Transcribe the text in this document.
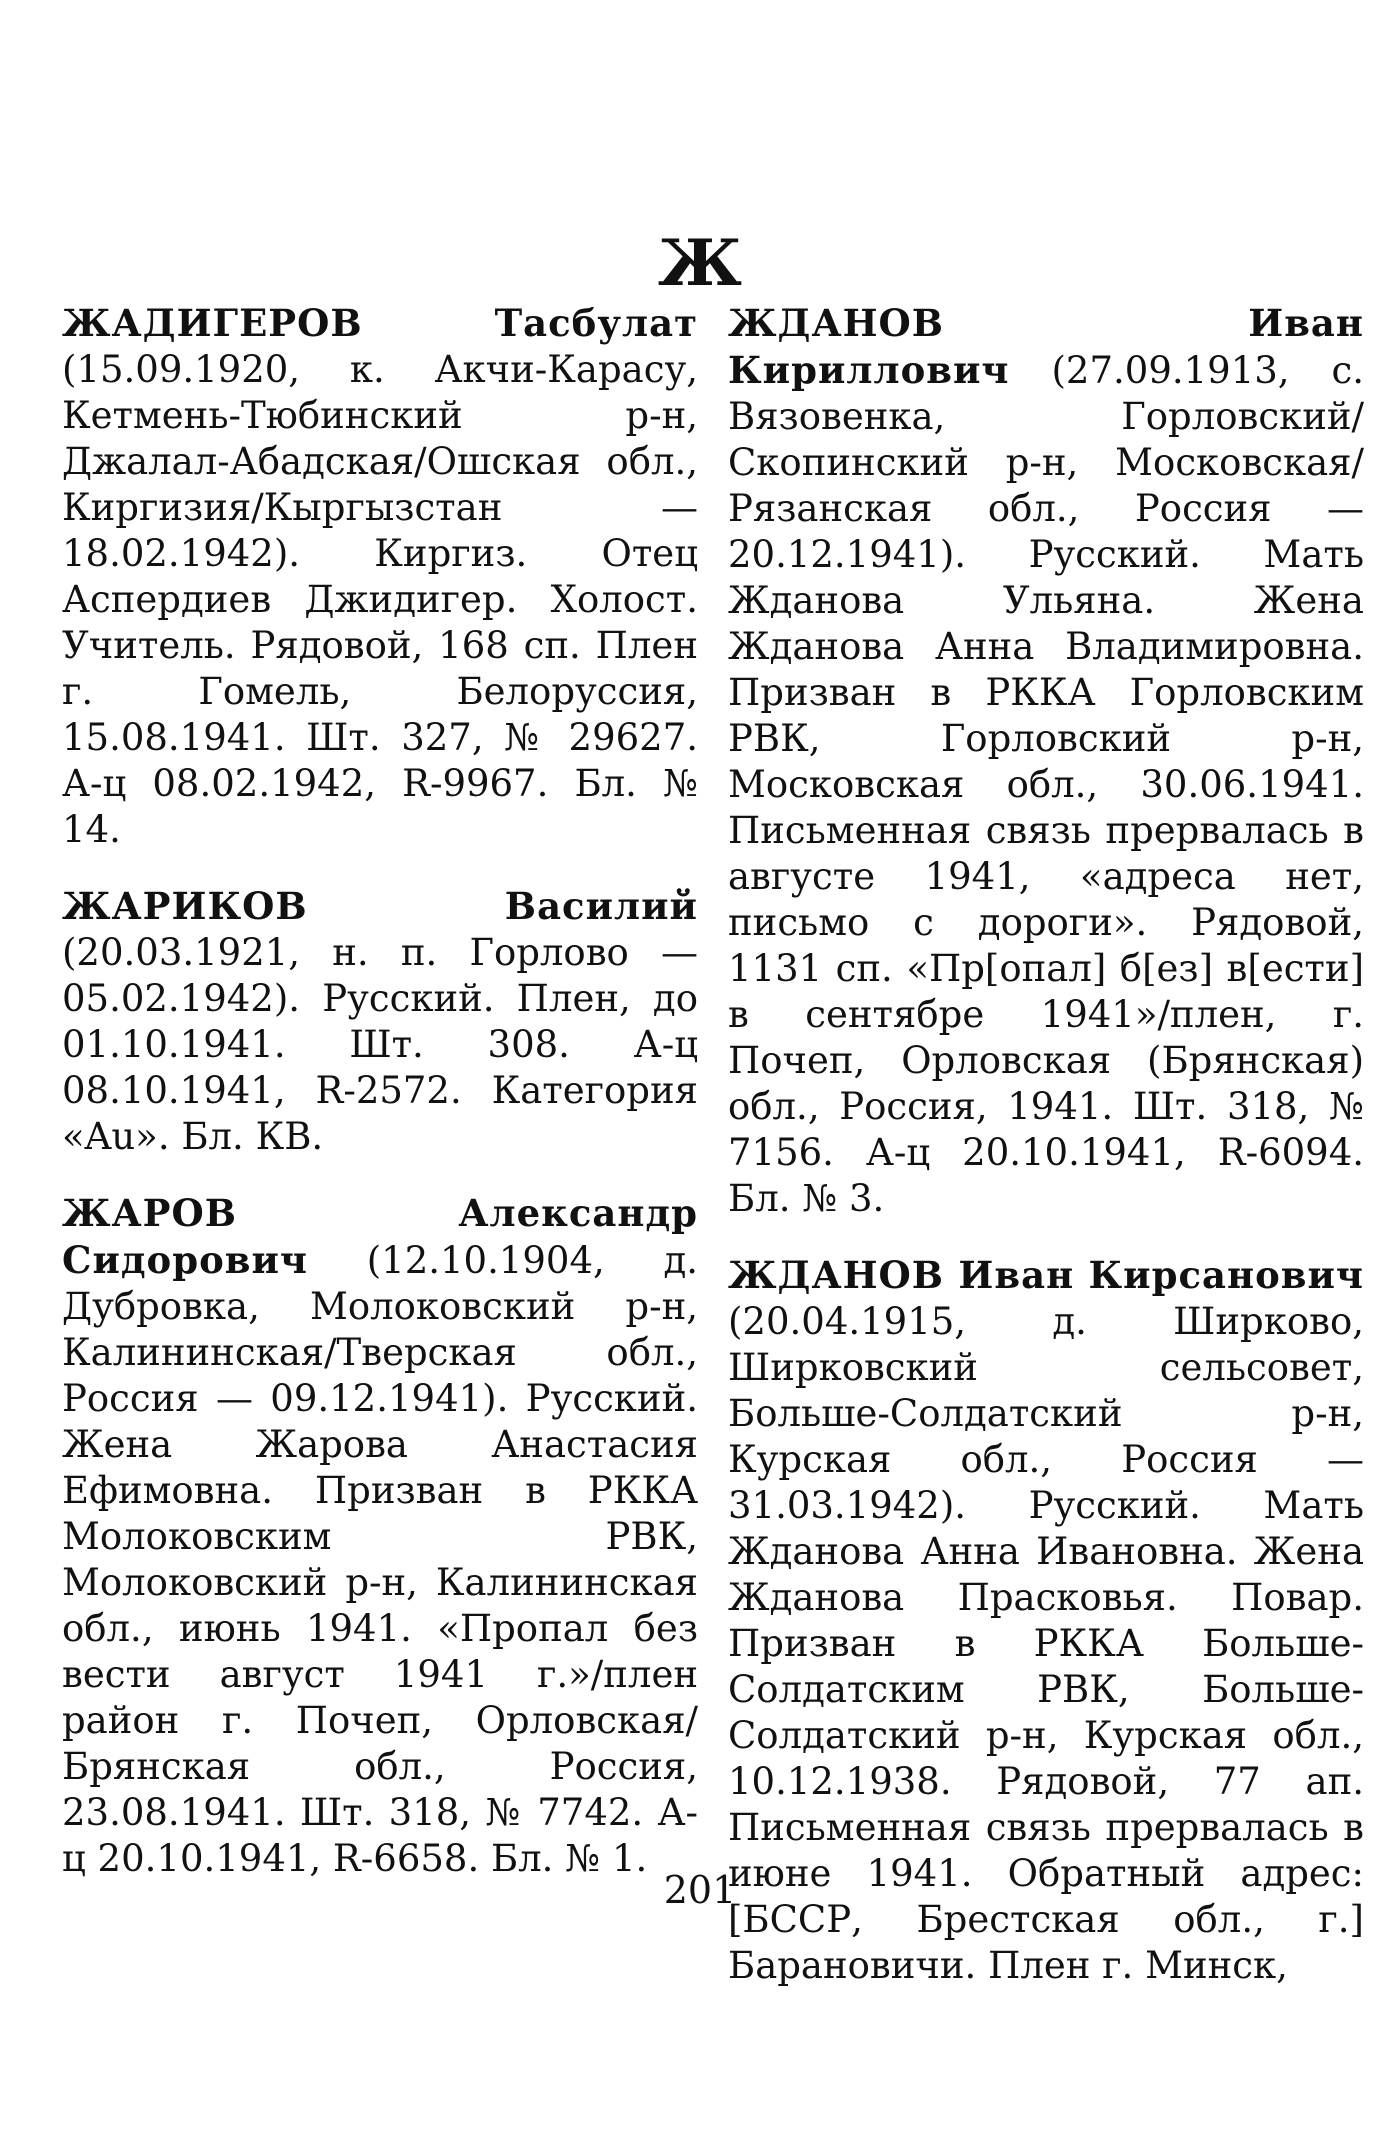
Ж

ЖАДИГЕРОВ Тасбулат (15.09.1920, к. Акчи-Карасу, Кетмень-Тюбинский р-н, Джалал-Абадская/Ошская обл., Киргизия/Кыргызстан — 18.02.1942). Киргиз. Отец Аспердиев Джидигер. Холост. Учитель. Рядовой, 168 сп. Плен г. Гомель, Белоруссия, 15.08.1941. Шт. 327, № 29627. А-ц 08.02.1942, R-9967. Бл. № 14.

ЖАРИКОВ Василий (20.03.1921, н. п. Горлово — 05.02.1942). Русский. Плен, до 01.10.1941. Шт. 308. А-ц 08.10.1941, R-2572. Категория «Au». Бл. КВ.

ЖАРОВ Александр Сидорович (12.10.1904, д. Дубровка, Молоковский р-н, Калининская/Тверская обл., Россия — 09.12.1941). Русский. Жена Жарова Анастасия Ефимовна. Призван в РККА Молоковским РВК, Молоковский р-н, Калининская обл., июнь 1941. «Пропал без вести август 1941 г.»/плен район г. Почеп, Орловская/Брянская обл., Россия, 23.08.1941. Шт. 318, № 7742. А-ц 20.10.1941, R-6658. Бл. № 1.

ЖДАНОВ Иван Кириллович (27.09.1913, с. Вязовенка, Горловский/Скопинский р-н, Московская/Рязанская обл., Россия — 20.12.1941). Русский. Мать Жданова Ульяна. Жена Жданова Анна Владимировна. Призван в РККА Горловским РВК, Горловский р-н, Московская обл., 30.06.1941. Письменная связь прервалась в августе 1941, «адреса нет, письмо с дороги». Рядовой, 1131 сп. «Пр[опал] б[ез] в[ести] в сентябре 1941»/плен, г. Почеп, Орловская (Брянская) обл., Россия, 1941. Шт. 318, № 7156. А-ц 20.10.1941, R-6094. Бл. № 3.

ЖДАНОВ Иван Кирсанович (20.04.1915, д. Ширково, Ширковский сельсовет, Больше-Солдатский р-н, Курская обл., Россия — 31.03.1942). Русский. Мать Жданова Анна Ивановна. Жена Жданова Прасковья. Повар. Призван в РККА Больше-Солдатским РВК, Больше-Солдатский р-н, Курская обл., 10.12.1938. Рядовой, 77 ап. Письменная связь прервалась в июне 1941. Обратный адрес: [БССР, Брестская обл., г.] Барановичи. Плен г. Минск,

201
